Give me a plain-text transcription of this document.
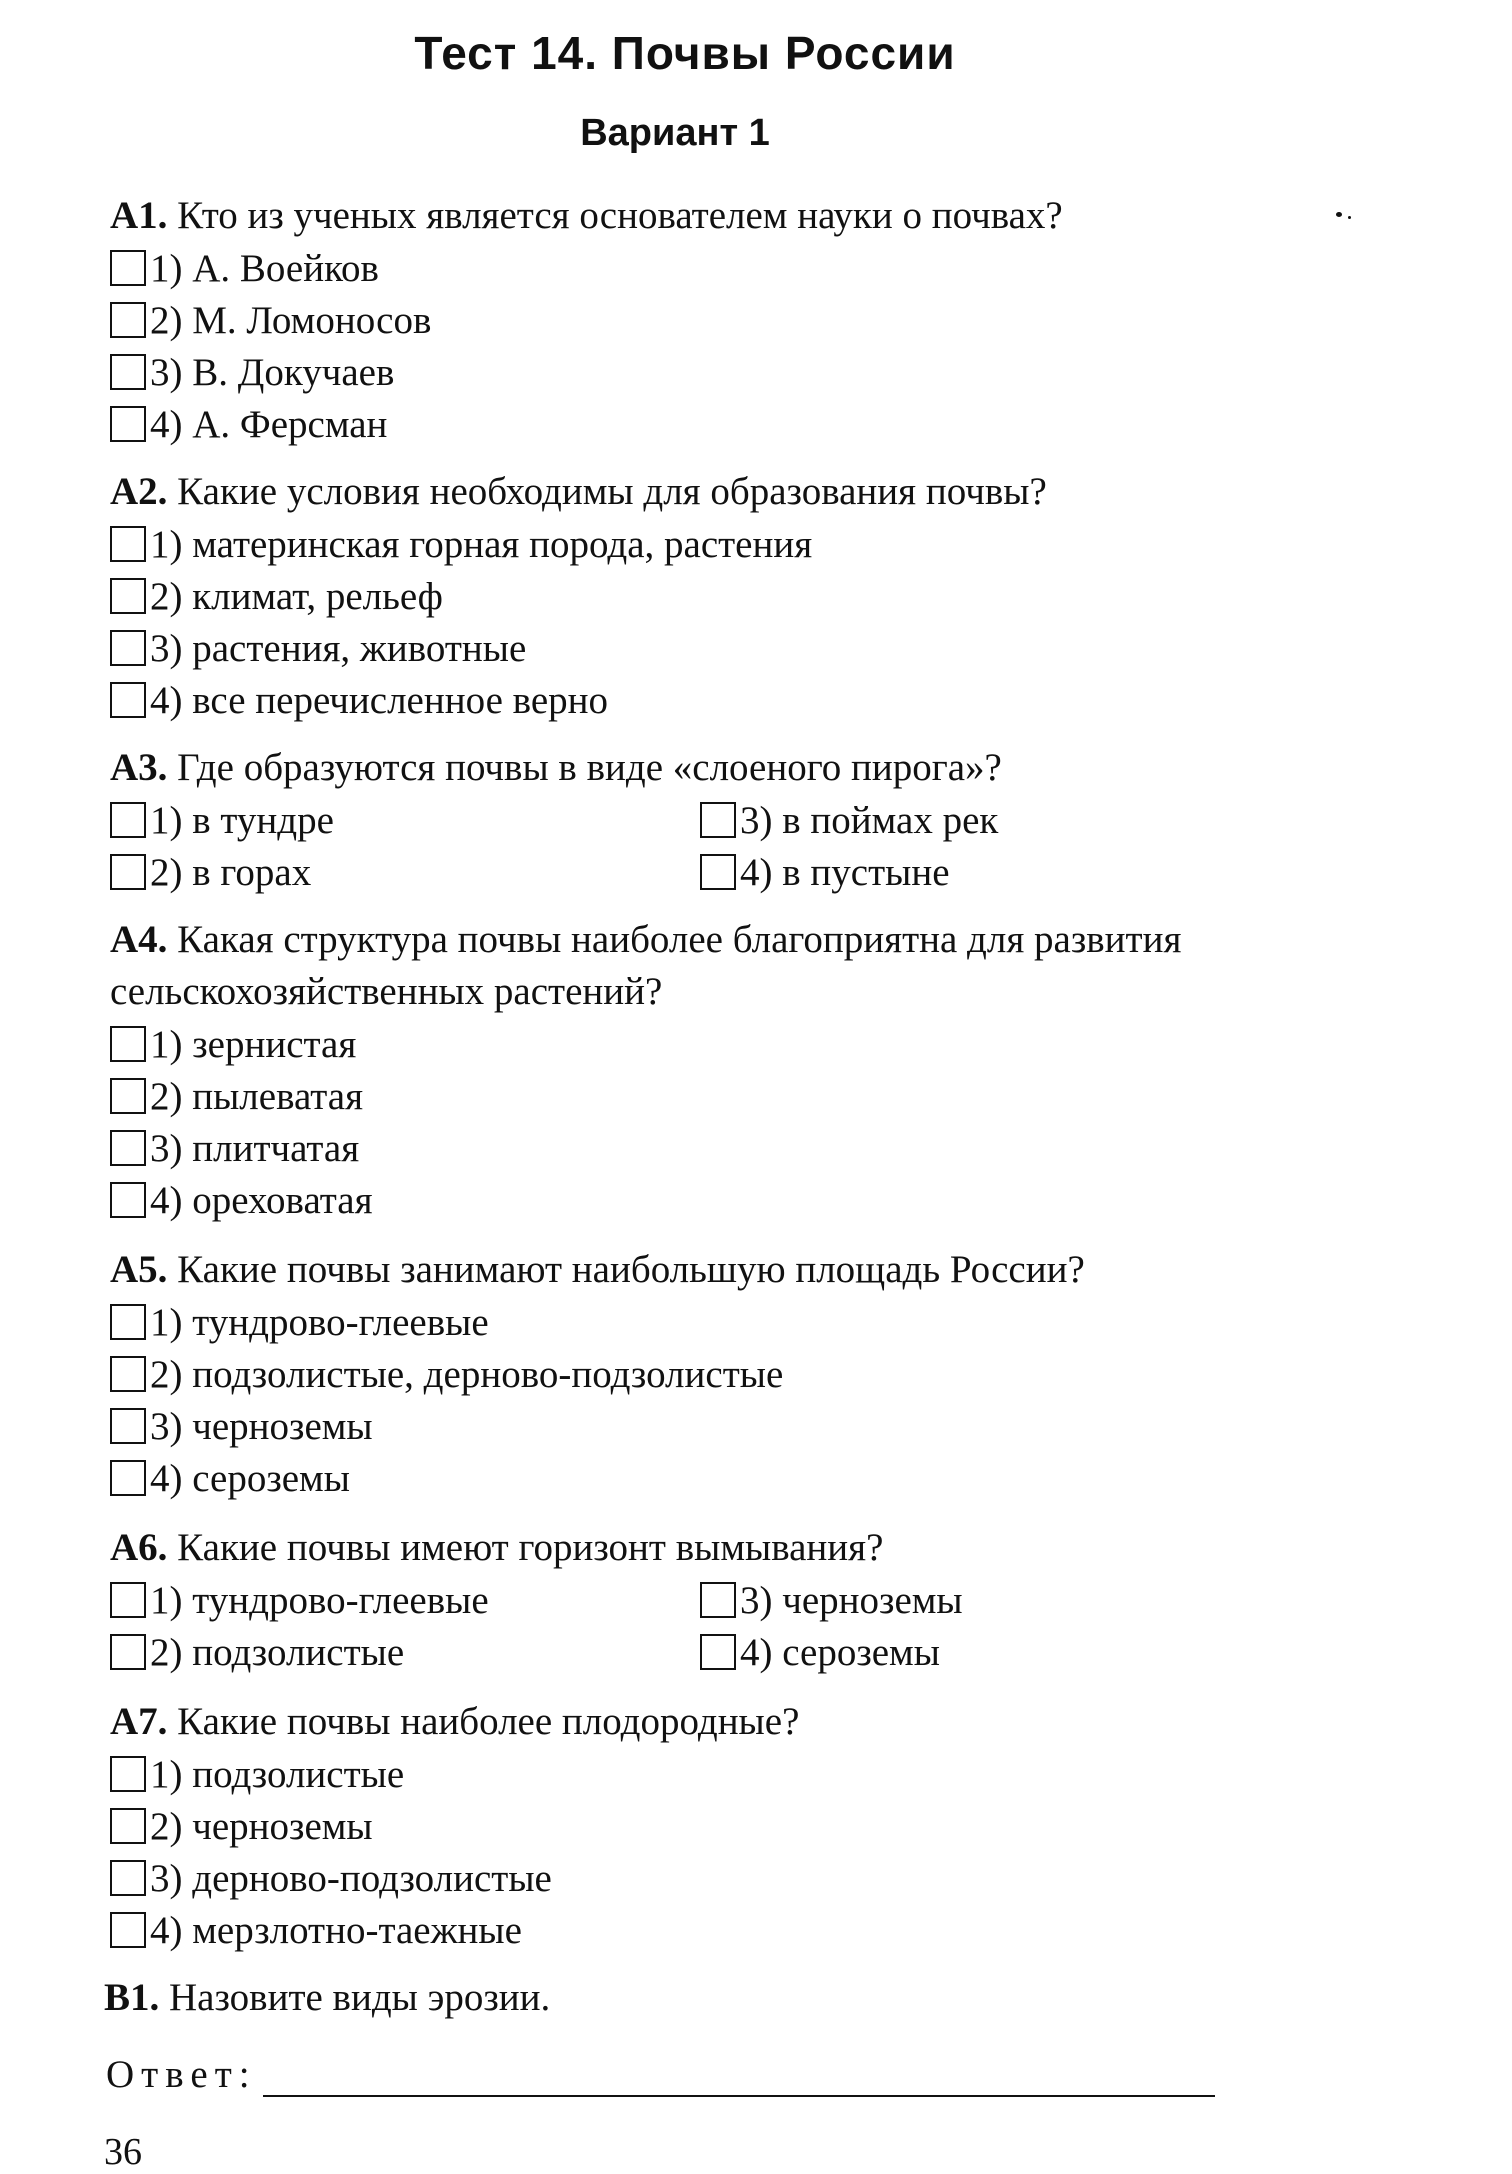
Тест 14. Почвы России
Вариант 1

А1. Кто из ученых является основателем науки о почвах?

1) А. Воейков
2) М. Ломоносов
3) В. Докучаев
4) А. Ферсман

А2. Какие условия необходимы для образования почвы?

1) материнская горная порода, растения
2) климат, рельеф
3) растения, животные
4) все перечисленное верно

А3. Где образуются почвы в виде «слоеного пирога»?

1) в тундре	3) в поймах рек
2) в горах	4) в пустыне

А4. Какая структура почвы наиболее благоприятна для развития сельскохозяйственных растений?

1) зернистая
2) пылеватая
3) плитчатая
4) ореховатая

А5. Какие почвы занимают наибольшую площадь России?

1) тундрово-глеевые
2) подзолистые, дерново-подзолистые
3) черноземы
4) сероземы

А6. Какие почвы имеют горизонт вымывания?

1) тундрово-глеевые	3) черноземы
2) подзолистые	4) сероземы

А7. Какие почвы наиболее плодородные?

1) подзолистые
2) черноземы
3) дерново-подзолистые
4) мерзлотно-таежные

В1. Назовите виды эрозии.

Ответ:
36
